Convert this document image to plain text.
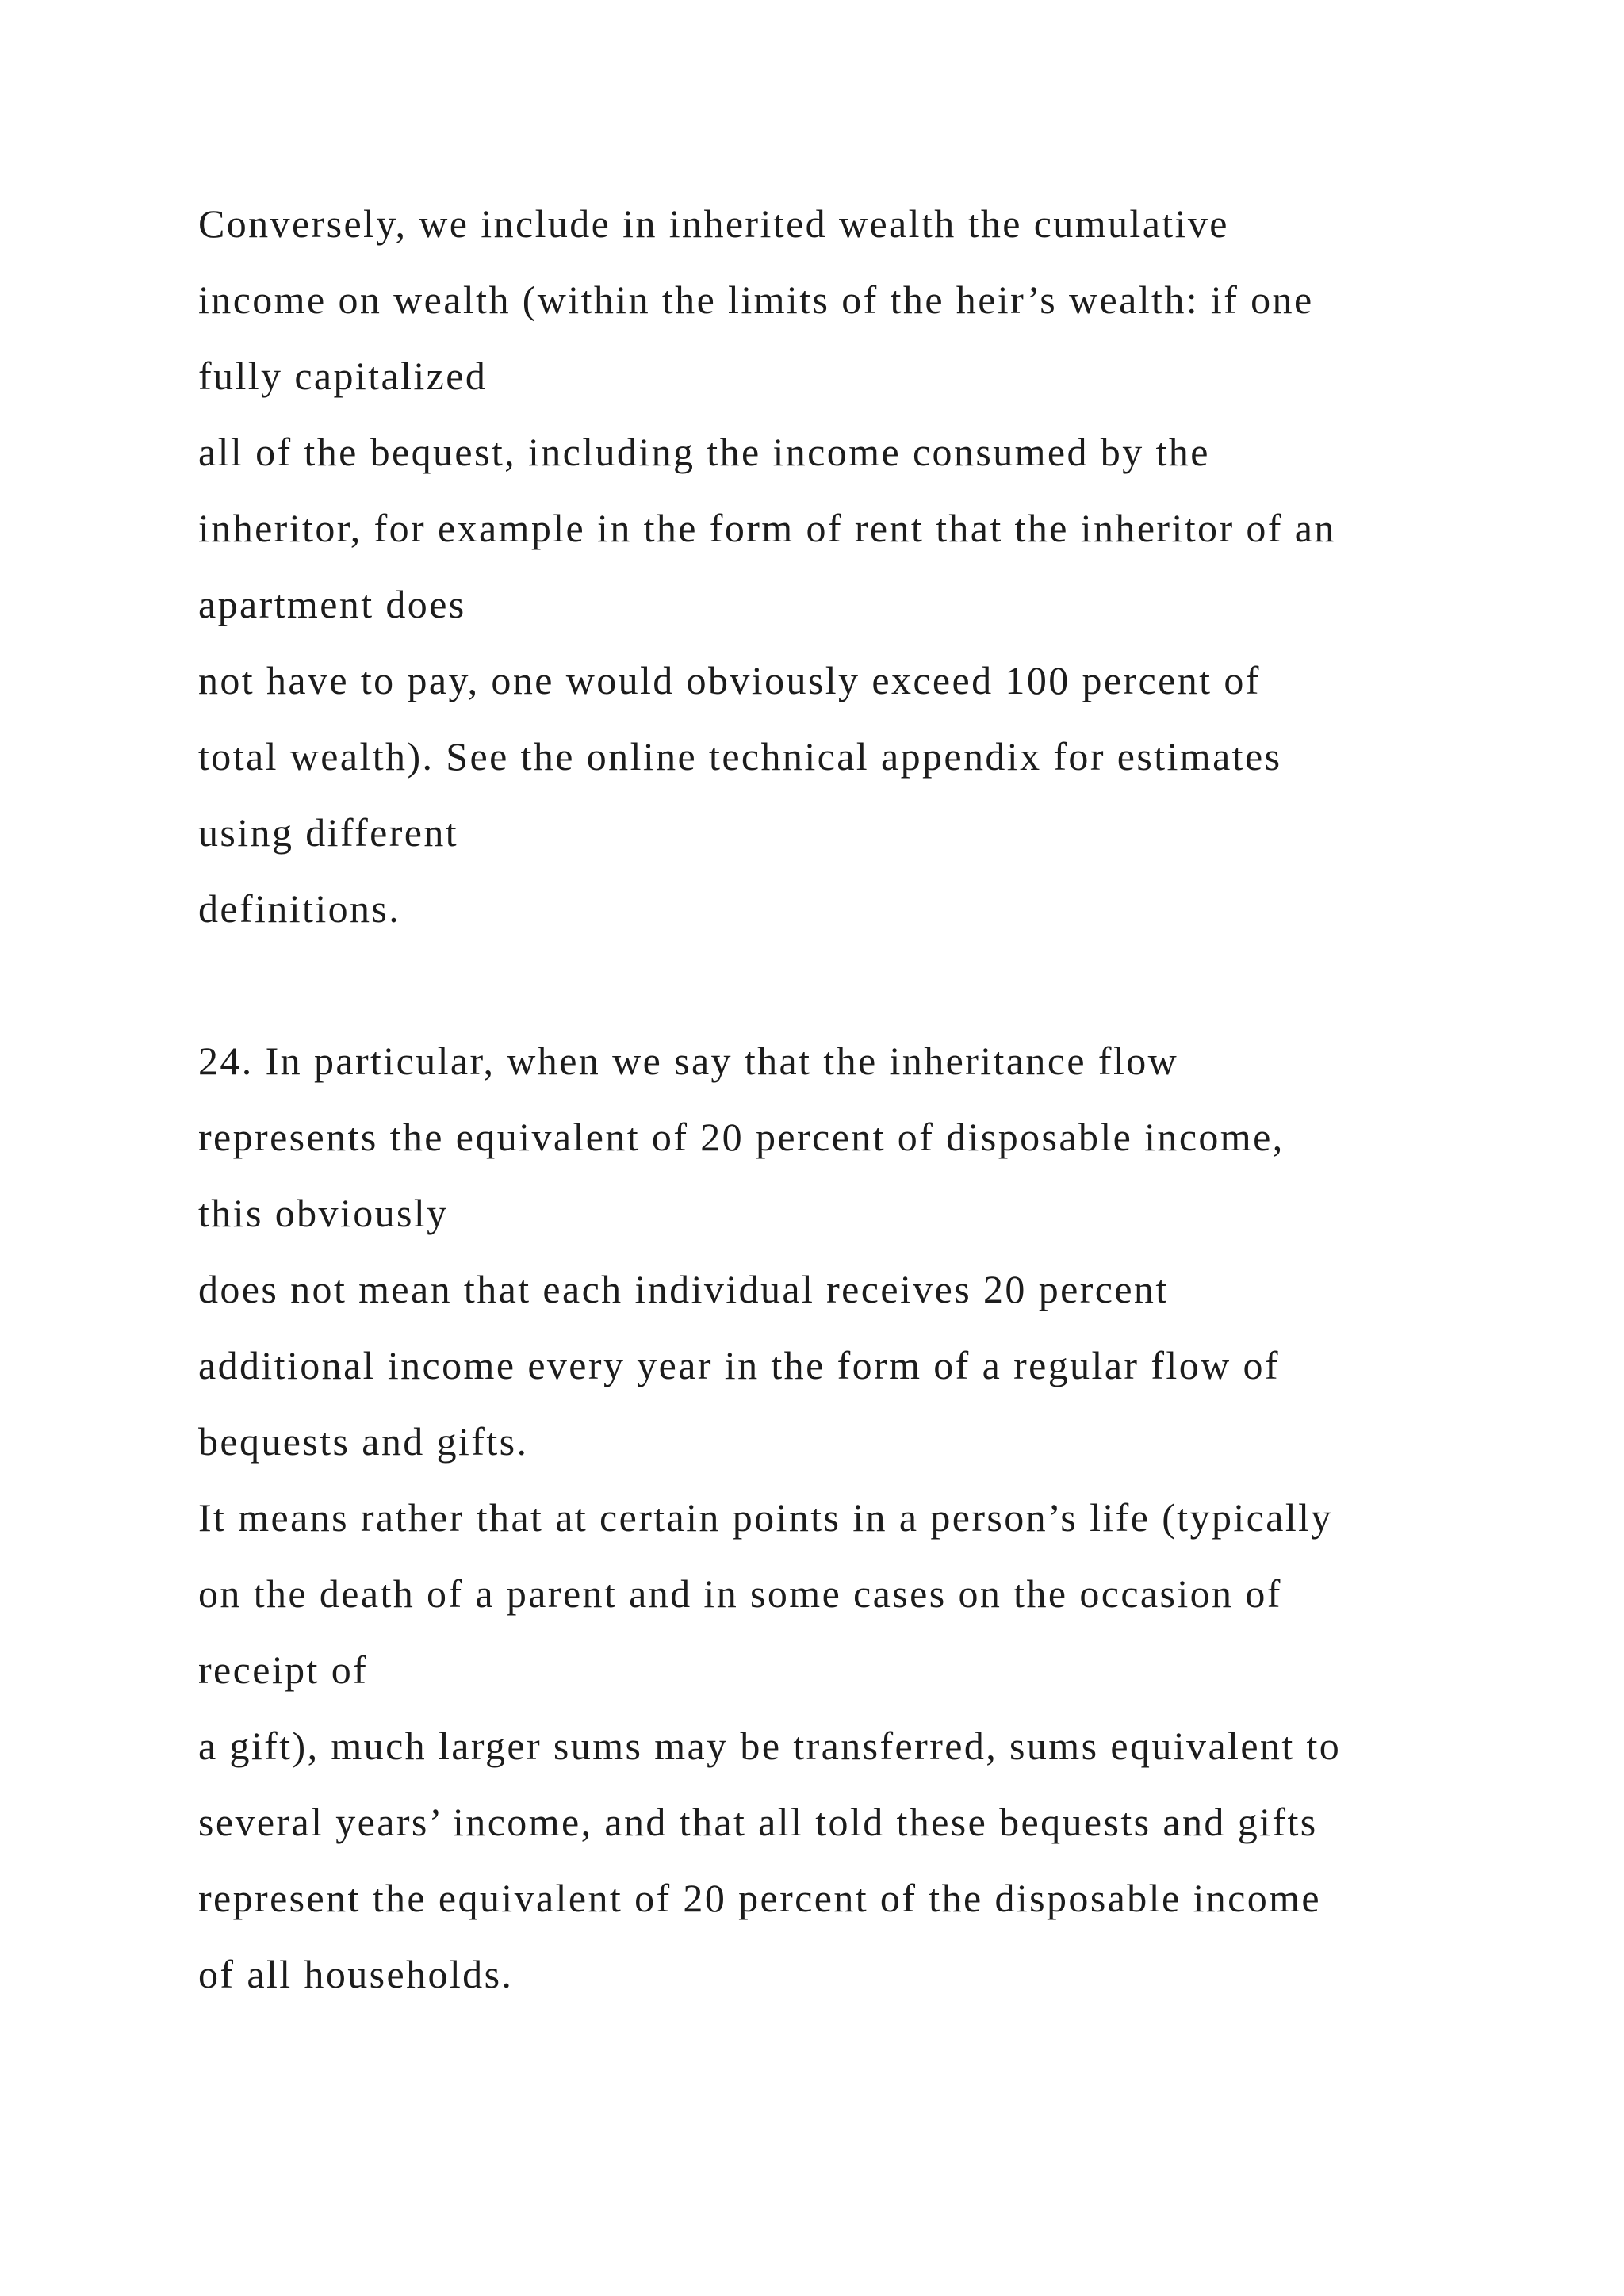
Conversely, we include in inherited wealth the cumulative
income on wealth (within the limits of the heir’s wealth: if one
fully capitalized
all of the bequest, including the income consumed by the
inheritor, for example in the form of rent that the inheritor of an
apartment does
not have to pay, one would obviously exceed 100 percent of
total wealth). See the online technical appendix for estimates
using different
definitions.

24. In particular, when we say that the inheritance flow
represents the equivalent of 20 percent of disposable income,
this obviously
does not mean that each individual receives 20 percent
additional income every year in the form of a regular flow of
bequests and gifts.
It means rather that at certain points in a person’s life (typically
on the death of a parent and in some cases on the occasion of
receipt of
a gift), much larger sums may be transferred, sums equivalent to
several years’ income, and that all told these bequests and gifts
represent the equivalent of 20 percent of the disposable income
of all households.
